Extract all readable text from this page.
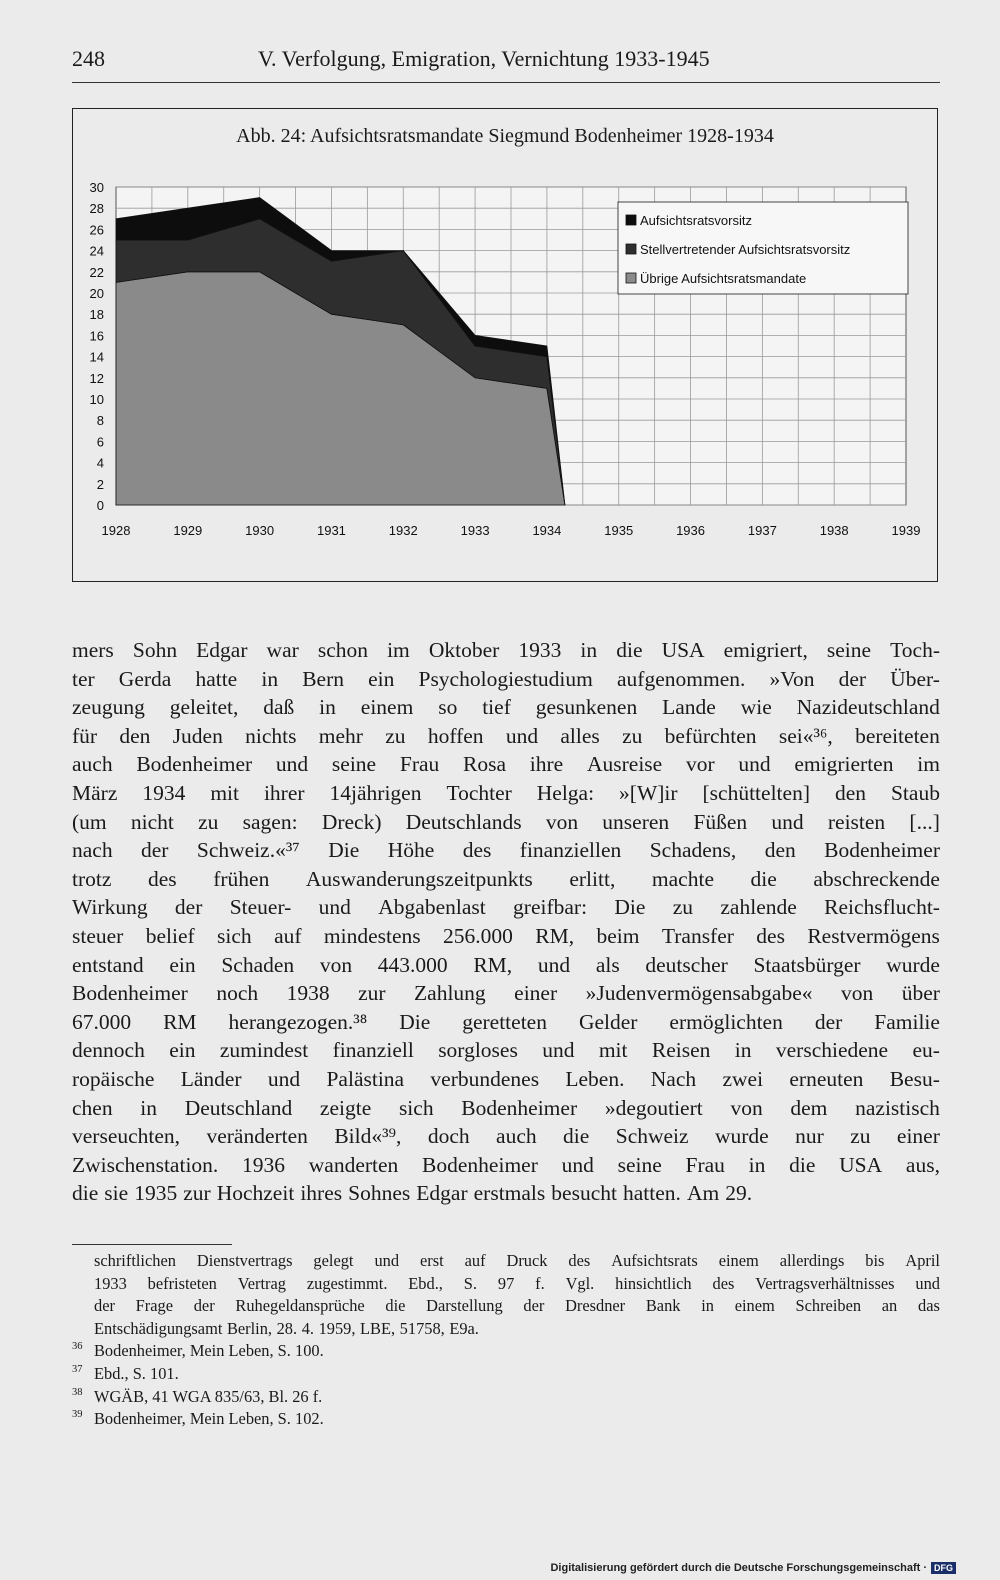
248	V. Verfolgung, Emigration, Vernichtung 1933-1945
Abb. 24: Aufsichtsratsmandate Siegmund Bodenheimer 1928-1934
0
2
4
6
8
10
12
14
16
18
20
22
24
26
28
30
1928	1929	1930	1931	1932	1933	1934	1935	1936	1937	1938	1939
Aufsichtsratsvorsitz
Stellvertretender Aufsichtsratsvorsitz
Übrige Aufsichtsratsmandate
mers Sohn Edgar war schon im Oktober 1933 in die USA emigriert, seine Toch-
ter Gerda hatte in Bern ein Psychologiestudium aufgenommen. »Von der Über-
zeugung geleitet, daß in einem so tief gesunkenen Lande wie Nazideutschland
für den Juden nichts mehr zu hoffen und alles zu befürchten sei«³⁶, bereiteten
auch Bodenheimer und seine Frau Rosa ihre Ausreise vor und emigrierten im
März 1934 mit ihrer 14jährigen Tochter Helga: »[W]ir [schüttelten] den Staub
(um nicht zu sagen: Dreck) Deutschlands von unseren Füßen und reisten [...]
nach der Schweiz.«³⁷ Die Höhe des finanziellen Schadens, den Bodenheimer
trotz des frühen Auswanderungszeitpunkts erlitt, machte die abschreckende
Wirkung der Steuer- und Abgabenlast greifbar: Die zu zahlende Reichsflucht-
steuer belief sich auf mindestens 256.000 RM, beim Transfer des Restvermögens
entstand ein Schaden von 443.000 RM, und als deutscher Staatsbürger wurde
Bodenheimer noch 1938 zur Zahlung einer »Judenvermögensabgabe« von über
67.000 RM herangezogen.³⁸ Die geretteten Gelder ermöglichten der Familie
dennoch ein zumindest finanziell sorgloses und mit Reisen in verschiedene eu-
ropäische Länder und Palästina verbundenes Leben. Nach zwei erneuten Besu-
chen in Deutschland zeigte sich Bodenheimer »degoutiert von dem nazistisch
verseuchten, veränderten Bild«³⁹, doch auch die Schweiz wurde nur zu einer
Zwischenstation. 1936 wanderten Bodenheimer und seine Frau in die USA aus,
die sie 1935 zur Hochzeit ihres Sohnes Edgar erstmals besucht hatten. Am 29.
schriftlichen Dienstvertrags gelegt und erst auf Druck des Aufsichtsrats einem allerdings bis April
1933 befristeten Vertrag zugestimmt. Ebd., S. 97 f. Vgl. hinsichtlich des Vertragsverhältnisses und
der Frage der Ruhegeldansprüche die Darstellung der Dresdner Bank in einem Schreiben an das
Entschädigungsamt Berlin, 28. 4. 1959, LBE, 51758, E9a.
36 Bodenheimer, Mein Leben, S. 100.
37 Ebd., S. 101.
38 WGÄB, 41 WGA 835/63, Bl. 26 f.
39 Bodenheimer, Mein Leben, S. 102.
Digitalisierung gefördert durch die Deutsche Forschungsgemeinschaft · DFG
